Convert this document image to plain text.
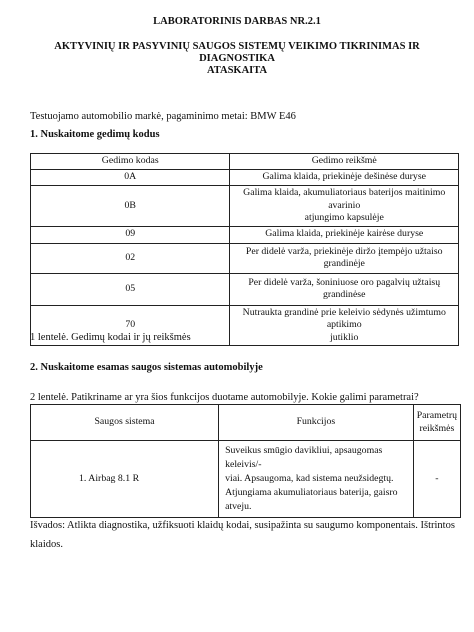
LABORATORINIS DARBAS NR.2.1
AKTYVINIŲ IR PASYVINIŲ SAUGOS SISTEMŲ VEIKIMO TIKRINIMAS IR
DIAGNOSTIKA
ATASKAITA
Testuojamo automobilio markė, pagaminimo metai: BMW E46
1. Nuskaitome gedimų kodus
Gedimo kodas	Gedimo reikšmė
0A	Galima klaida, priekinėje dešinėse duryse
0B	Galima klaida, akumuliatoriaus baterijos maitinimo avarinio
atjungimo kapsulėje

09	Galima klaida, priekinėje kairėse duryse
02	Per didelė varža, priekinėje diržo įtempėjo užtaiso grandinėje
05	Per didelė varža, šoniniuose oro pagalvių užtaisų grandinėse
70	Nutraukta grandinė prie keleivio sėdynės užimtumo aptikimo
jutiklio
1 lentelė. Gedimų kodai ir jų reikšmės
2. Nuskaitome esamas saugos sistemas automobilyje
2 lentelė. Patikriname ar yra šios funkcijos duotame automobilyje. Kokie galimi parametrai?
Saugos sistema	Funkcijos	Parametrų
reikšmės

1. Airbag 8.1 R	Suveikus smūgio davikliui, apsaugomas keleivis/-
viai. Apsaugoma, kad sistema neužsidegtų.
Atjungiama akumuliatoriaus baterija, gaisro
atveju.	-
Išvados: Atlikta diagnostika, užfiksuoti klaidų kodai, susipažinta su saugumo komponentais. Ištrintos
klaidos.
